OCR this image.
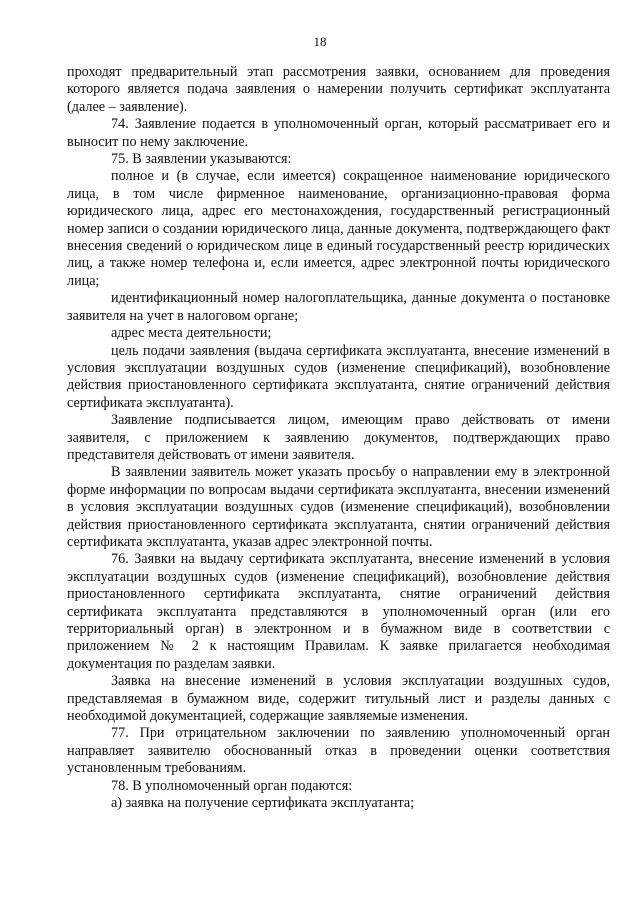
18

проходят предварительный этап рассмотрения заявки, основанием для проведения которого является подача заявления о намерении получить сертификат эксплуатанта (далее – заявление).

74. Заявление подается в уполномоченный орган, который рассматривает его и выносит по нему заключение.

75. В заявлении указываются:

полное и (в случае, если имеется) сокращенное наименование юридического лица, в том числе фирменное наименование, организационно-правовая форма юридического лица, адрес его местонахождения, государственный регистрационный номер записи о создании юридического лица, данные документа, подтверждающего факт внесения сведений о юридическом лице в единый государственный реестр юридических лиц, а также номер телефона и, если имеется, адрес электронной почты юридического лица;

идентификационный номер налогоплательщика, данные документа о постановке заявителя на учет в налоговом органе;

адрес места деятельности;

цель подачи заявления (выдача сертификата эксплуатанта, внесение изменений в условия эксплуатации воздушных судов (изменение спецификаций), возобновление действия приостановленного сертификата эксплуатанта, снятие ограничений действия сертификата эксплуатанта).

Заявление подписывается лицом, имеющим право действовать от имени заявителя, с приложением к заявлению документов, подтверждающих право представителя действовать от имени заявителя.

В заявлении заявитель может указать просьбу о направлении ему в электронной форме информации по вопросам выдачи сертификата эксплуатанта, внесении изменений в условия эксплуатации воздушных судов (изменение спецификаций), возобновлении действия приостановленного сертификата эксплуатанта, снятии ограничений действия сертификата эксплуатанта, указав адрес электронной почты.

76. Заявки на выдачу сертификата эксплуатанта, внесение изменений в условия эксплуатации воздушных судов (изменение спецификаций), возобновление действия приостановленного сертификата эксплуатанта, снятие ограничений действия сертификата эксплуатанта представляются в уполномоченный орган (или его территориальный орган) в электронном и в бумажном виде в соответствии с приложением № 2 к настоящим Правилам. К заявке прилагается необходимая документация по разделам заявки.

Заявка на внесение изменений в условия эксплуатации воздушных судов, представляемая в бумажном виде, содержит титульный лист и разделы данных с необходимой документацией, содержащие заявляемые изменения.

77. При отрицательном заключении по заявлению уполномоченный орган направляет заявителю обоснованный отказ в проведении оценки соответствия установленным требованиям.

78. В уполномоченный орган подаются:

а) заявка на получение сертификата эксплуатанта;
